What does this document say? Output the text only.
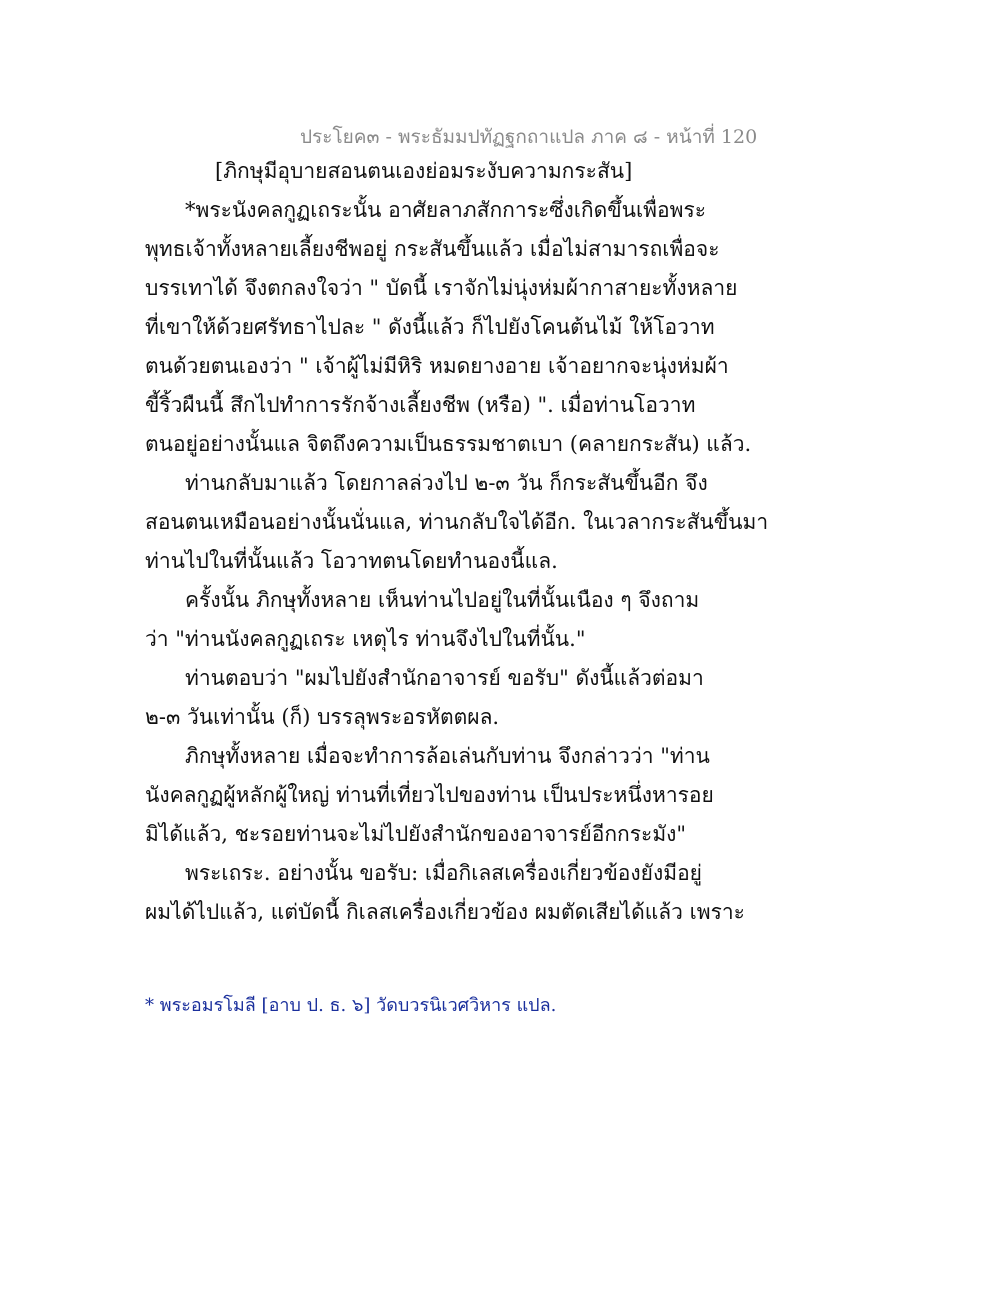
ประโยค๓ - พระธัมมปทัฏฐกถาแปล ภาค ๘ - หน้าที่ 120
[ภิกษุมีอุบายสอนตนเองย่อมระงับความกระสัน]
*พระนังคลกูฏเถระนั้น อาศัยลาภสักการะซึ่งเกิดขึ้นเพื่อพระ
พุทธเจ้าทั้งหลายเลี้ยงชีพอยู่ กระสันขึ้นแล้ว เมื่อไม่สามารถเพื่อจะ
บรรเทาได้ จึงตกลงใจว่า " บัดนี้ เราจักไม่นุ่งห่มผ้ากาสายะทั้งหลาย
ที่เขาให้ด้วยศรัทธาไปละ " ดังนี้แล้ว ก็ไปยังโคนต้นไม้ ให้โอวาท
ตนด้วยตนเองว่า " เจ้าผู้ไม่มีหิริ หมดยางอาย เจ้าอยากจะนุ่งห่มผ้า
ขี้ริ้วผืนนี้ สึกไปทำการรักจ้างเลี้ยงชีพ (หรือ) ". เมื่อท่านโอวาท
ตนอยู่อย่างนั้นแล จิตถึงความเป็นธรรมชาตเบา (คลายกระสัน) แล้ว.
ท่านกลับมาแล้ว โดยกาลล่วงไป ๒-๓ วัน ก็กระสันขึ้นอีก จึง
สอนตนเหมือนอย่างนั้นนั่นแล, ท่านกลับใจได้อีก. ในเวลากระสันขึ้นมา
ท่านไปในที่นั้นแล้ว โอวาทตนโดยทำนองนี้แล.
ครั้งนั้น ภิกษุทั้งหลาย เห็นท่านไปอยู่ในที่นั้นเนือง ๆ จึงถาม
ว่า "ท่านนังคลกูฏเถระ เหตุไร ท่านจึงไปในที่นั้น."
ท่านตอบว่า "ผมไปยังสำนักอาจารย์ ขอรับ" ดังนี้แล้วต่อมา
๒-๓ วันเท่านั้น (ก็) บรรลุพระอรหัตตผล.
ภิกษุทั้งหลาย เมื่อจะทำการล้อเล่นกับท่าน จึงกล่าวว่า "ท่าน
นังคลกูฏผู้หลักผู้ใหญ่ ท่านที่เที่ยวไปของท่าน เป็นประหนึ่งหารอย
มิได้แล้ว, ชะรอยท่านจะไม่ไปยังสำนักของอาจารย์อีกกระมัง"
พระเถระ. อย่างนั้น ขอรับ: เมื่อกิเลสเครื่องเกี่ยวข้องยังมีอยู่
ผมได้ไปแล้ว, แต่บัดนี้ กิเลสเครื่องเกี่ยวข้อง ผมตัดเสียได้แล้ว เพราะ
* พระอมรโมลี [อาบ ป. ธ. ๖] วัดบวรนิเวศวิหาร แปล.
